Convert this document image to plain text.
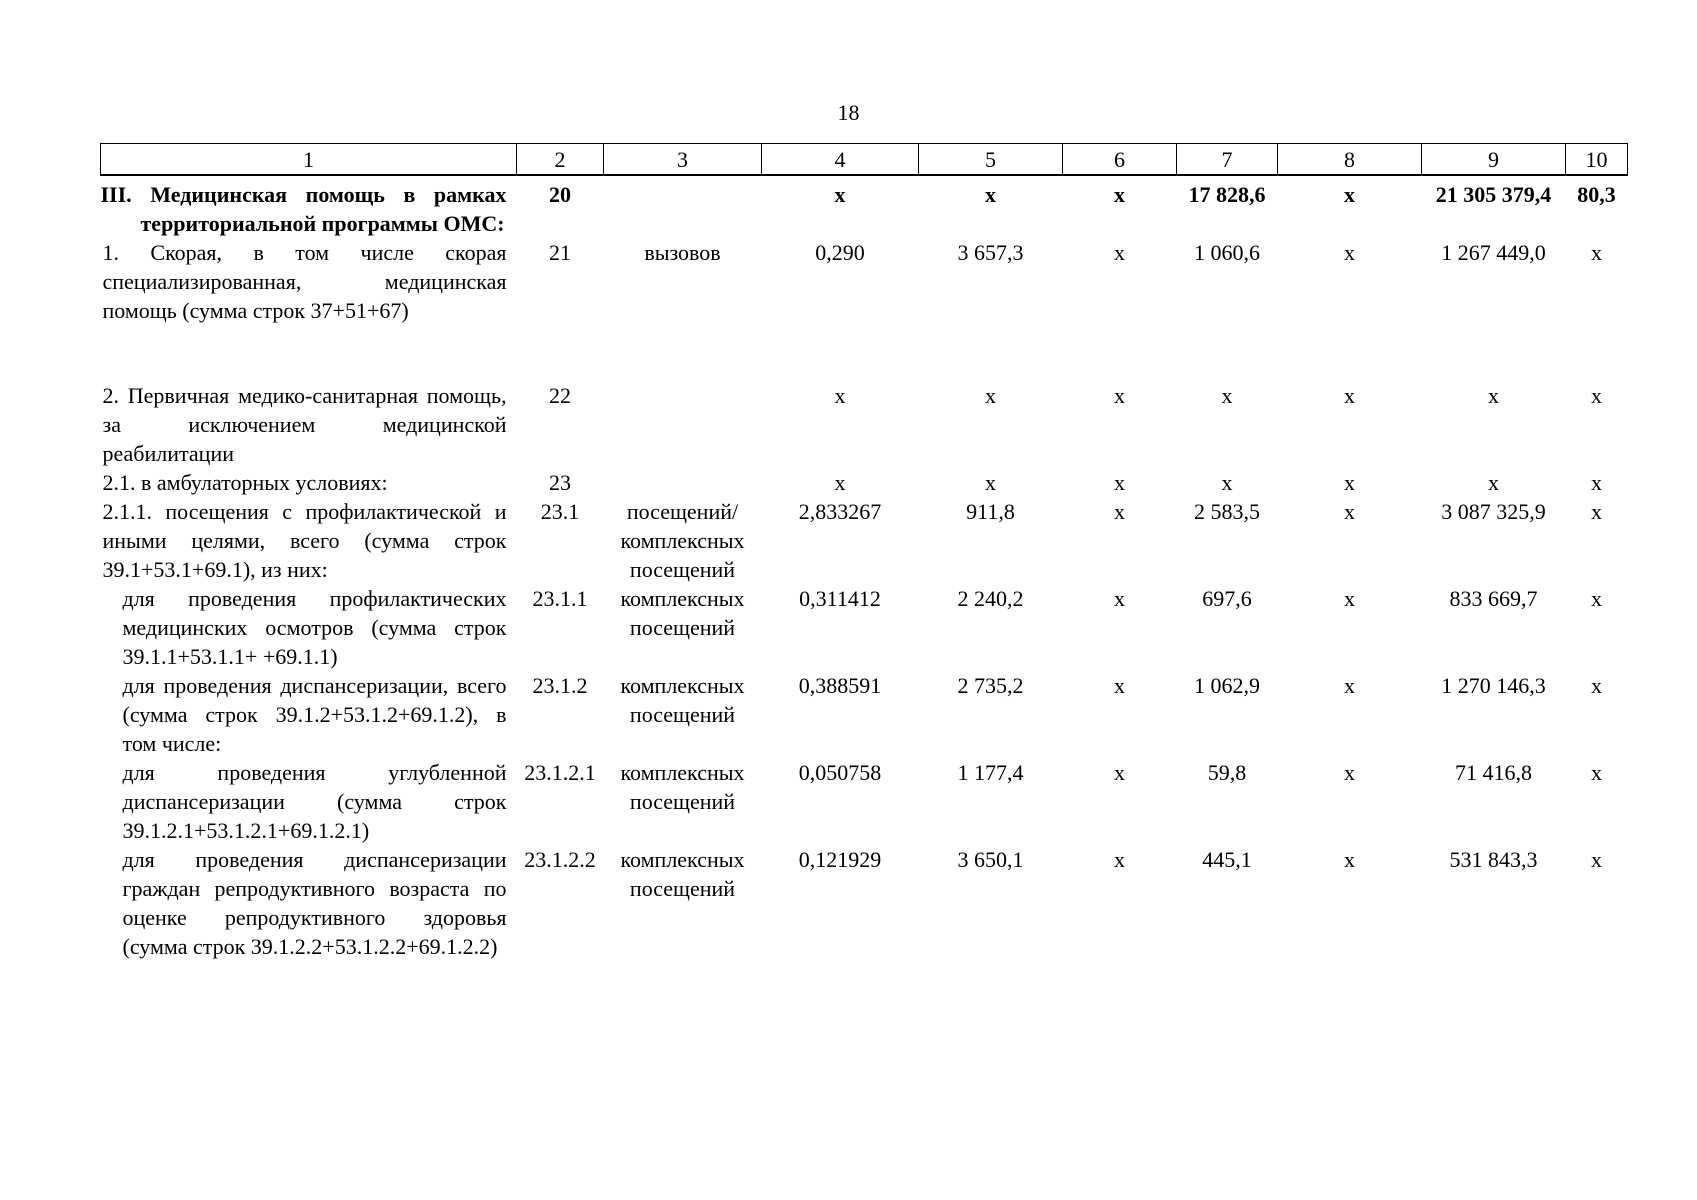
18
1	2	3	4	5	6	7	8	9	10
III. Медицинская помощь в рамках территориальной программы ОМС:	20		х	х	х	17 828,6	х	21 305 379,4	80,3
1. Скорая, в том числе скорая специализированная, медицинская помощь (сумма строк 37+51+67)	21	вызовов	0,290	3 657,3	х	1 060,6	х	1 267 449,0	х
2. Первичная медико-санитарная помощь, за исключением медицинской реабилитации	22		х	х	х	х	х	х	х
2.1. в амбулаторных условиях:	23		х	х	х	х	х	х	х
2.1.1. посещения с профилактической и иными целями, всего (сумма строк 39.1+53.1+69.1), из них:	23.1	посещений/ комплексных посещений	2,833267	911,8	х	2 583,5	х	3 087 325,9	х
для проведения профилактических медицинских осмотров (сумма строк 39.1.1+53.1.1+ +69.1.1)	23.1.1	комплексных посещений	0,311412	2 240,2	х	697,6	х	833 669,7	х
для проведения диспансеризации, всего (сумма строк 39.1.2+53.1.2+69.1.2), в том числе:	23.1.2	комплексных посещений	0,388591	2 735,2	х	1 062,9	х	1 270 146,3	х
для проведения углубленной диспансеризации (сумма строк 39.1.2.1+53.1.2.1+69.1.2.1)	23.1.2.1	комплексных посещений	0,050758	1 177,4	х	59,8	х	71 416,8	х
для проведения диспансеризации граждан репродуктивного возраста по оценке репродуктивного здоровья (сумма строк 39.1.2.2+53.1.2.2+69.1.2.2)	23.1.2.2	комплексных посещений	0,121929	3 650,1	х	445,1	х	531 843,3	х
